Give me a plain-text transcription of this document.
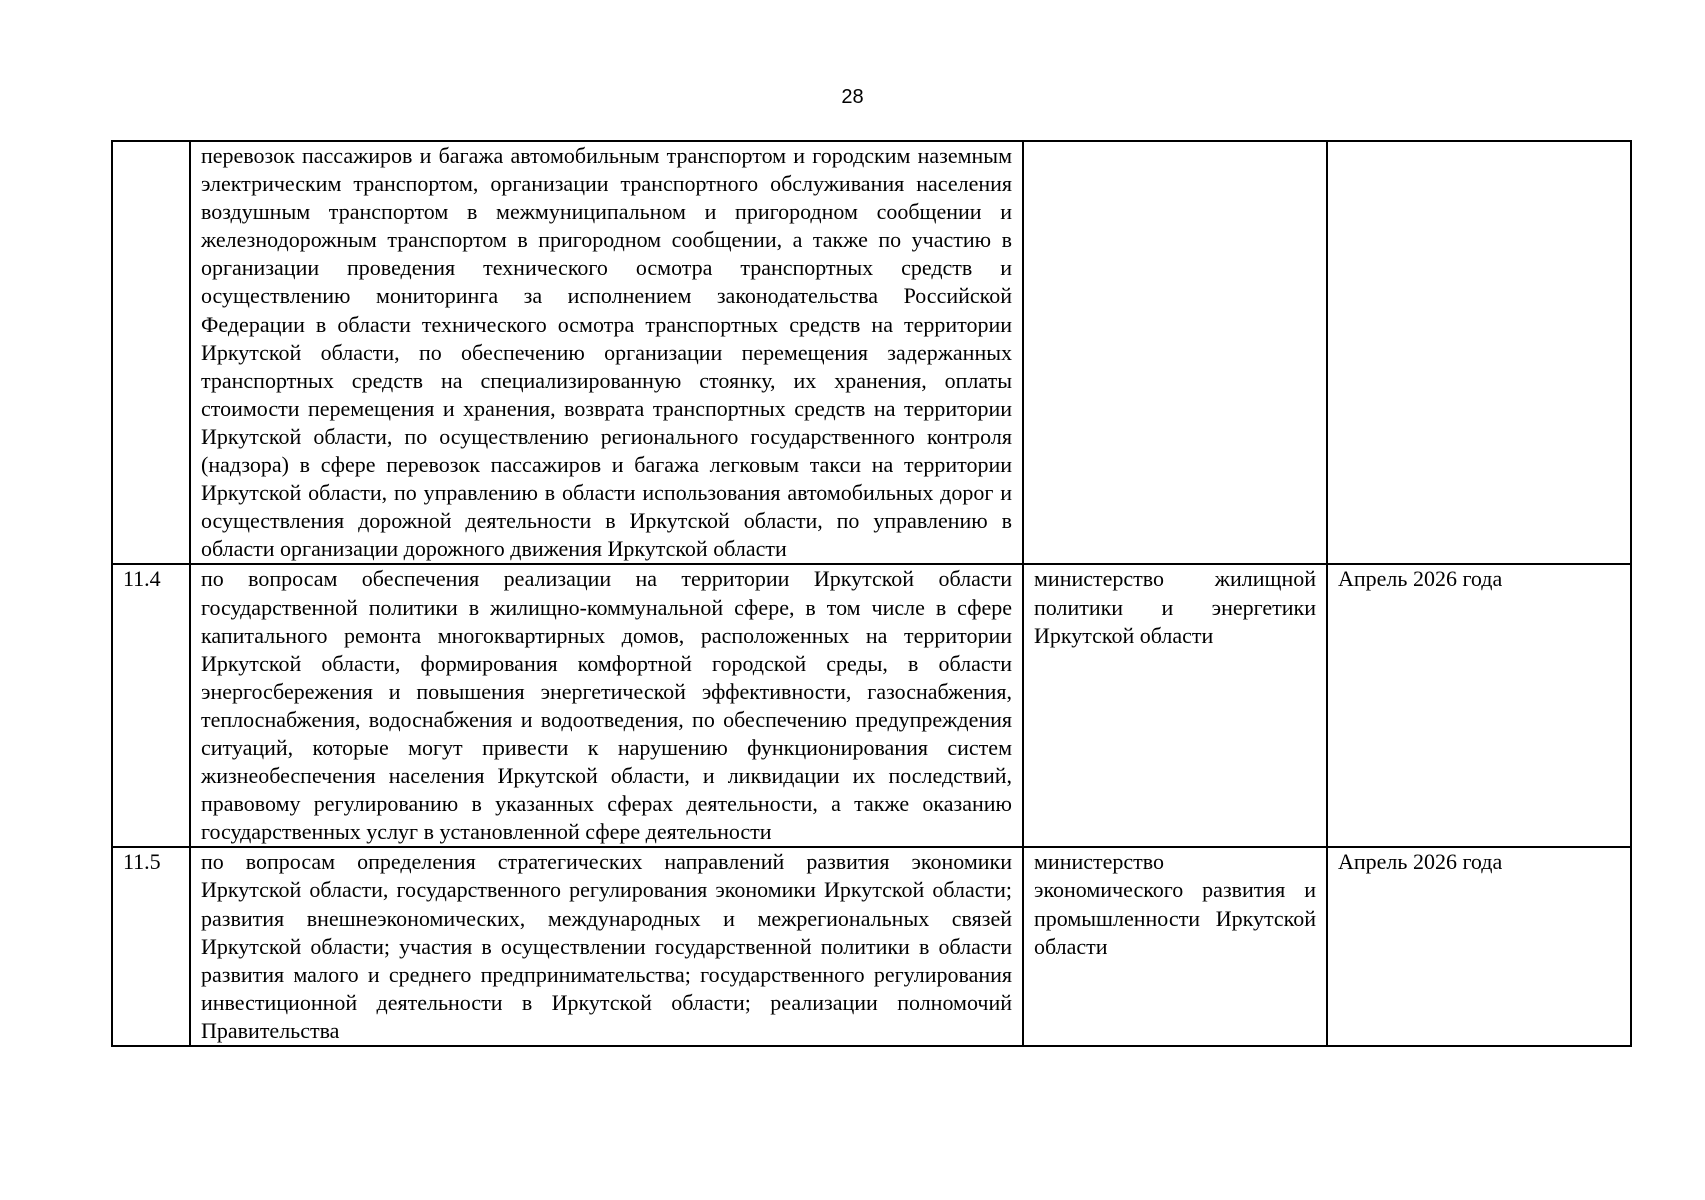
28
	перевозок пассажиров и багажа автомобильным транспортом и городским наземным электрическим транспортом, организации транспортного обслуживания населения воздушным транспортом в межмуниципальном и пригородном сообщении и железнодорожным транспортом в пригородном сообщении, а также по участию в организации проведения технического осмотра транспортных средств и осуществлению мониторинга за исполнением законодательства Российской Федерации в области технического осмотра транспортных средств на территории Иркутской области, по обеспечению организации перемещения задержанных транспортных средств на специализированную стоянку, их хранения, оплаты стоимости перемещения и хранения, возврата транспортных средств на территории Иркутской области, по осуществлению регионального государственного контроля (надзора) в сфере перевозок пассажиров и багажа легковым такси на территории Иркутской области, по управлению в области использования автомобильных дорог и осуществления дорожной деятельности в Иркутской области, по управлению в области организации дорожного движения Иркутской области		
11.4	по вопросам обеспечения реализации на территории Иркутской области государственной политики в жилищно-коммунальной сфере, в том числе в сфере капитального ремонта многоквартирных домов, расположенных на территории Иркутской области, формирования комфортной городской среды, в области энергосбережения и повышения энергетической эффективности, газоснабжения, теплоснабжения, водоснабжения и водоотведения, по обеспечению предупреждения ситуаций, которые могут привести к нарушению функционирования систем жизнеобеспечения населения Иркутской области, и ликвидации их последствий, правовому регулированию в указанных сферах деятельности, а также оказанию государственных услуг в установленной сфере деятельности	министерство жилищной политики и энергетики Иркутской области	Апрель 2026 года
11.5	по вопросам определения стратегических направлений развития экономики Иркутской области, государственного регулирования экономики Иркутской области; развития внешнеэкономических, международных и межрегиональных связей Иркутской области; участия в осуществлении государственной политики в области развития малого и среднего предпринимательства; государственного регулирования инвестиционной деятельности в Иркутской области; реализации полномочий Правительства	министерство экономического развития и промышленности Иркутской области	Апрель 2026 года
